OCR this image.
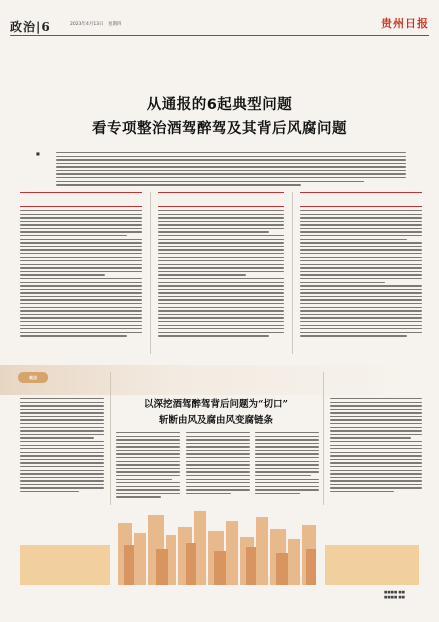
政治|6	2023年4月13日　星期四	贵州日报
从通报的6起典型问题
看专项整治酒驾醉驾及其背后风腐问题
■
观点
以深挖酒驾醉驾背后问题为“切口”
斩断由风及腐由风变腐链条
■■■■ ■■
■■■■ ■■
